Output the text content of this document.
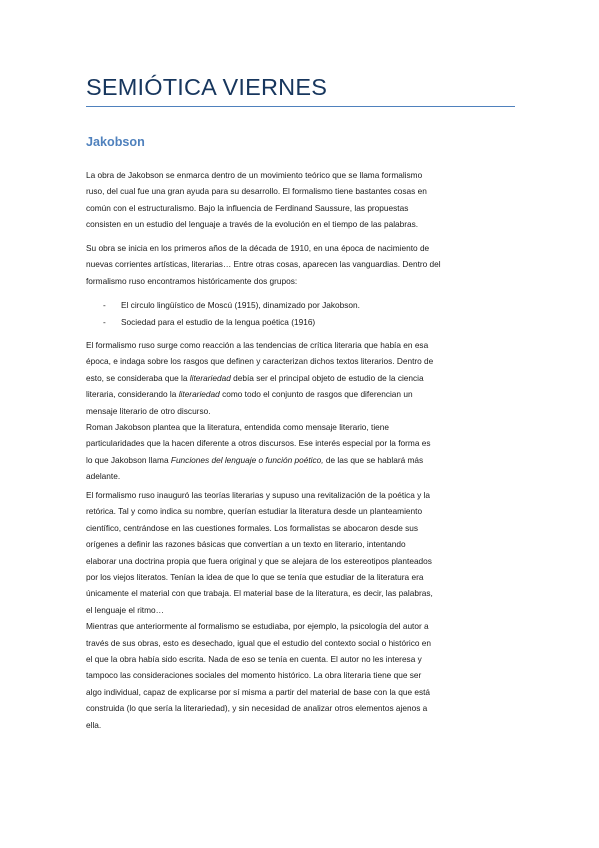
SEMIÓTICA VIERNES
Jakobson

La obra de Jakobson se enmarca dentro de un movimiento teórico que se llama formalismo
ruso, del cual fue una gran ayuda para su desarrollo. El formalismo tiene bastantes cosas en
común con el estructuralismo. Bajo la influencia de Ferdinand Saussure, las propuestas
consisten en un estudio del lenguaje a través de la evolución en el tiempo de las palabras.

Su obra se inicia en los primeros años de la década de 1910, en una época de nacimiento de
nuevas corrientes artísticas, literarias… Entre otras cosas, aparecen las vanguardias. Dentro del
formalismo ruso encontramos históricamente dos grupos:

- El circulo lingüístico de Moscú (1915), dinamizado por Jakobson.
- Sociedad para el estudio de la lengua poética (1916)

El formalismo ruso surge como reacción a las tendencias de crítica literaria que había en esa
época, e indaga sobre los rasgos que definen y caracterizan dichos textos literarios. Dentro de
esto, se consideraba que la literariedad debía ser el principal objeto de estudio de la ciencia
literaria, considerando la literariedad como todo el conjunto de rasgos que diferencian un
mensaje literario de otro discurso.
Roman Jakobson plantea que la literatura, entendida como mensaje literario, tiene
particularidades que la hacen diferente a otros discursos. Ese interés especial por la forma es
lo que Jakobson llama Funciones del lenguaje o función poético, de las que se hablará más
adelante.

El formalismo ruso inauguró las teorías literarias y supuso una revitalización de la poética y la
retórica. Tal y como indica su nombre, querían estudiar la literatura desde un planteamiento
científico, centrándose en las cuestiones formales. Los formalistas se abocaron desde sus
orígenes a definir las razones básicas que convertían a un texto en literario, intentando
elaborar una doctrina propia que fuera original y que se alejara de los estereotipos planteados
por los viejos literatos. Tenían la idea de que lo que se tenía que estudiar de la literatura era
únicamente el material con que trabaja. El material base de la literatura, es decir, las palabras,
el lenguaje el ritmo…
Mientras que anteriormente al formalismo se estudiaba, por ejemplo, la psicología del autor a
través de sus obras, esto es desechado, igual que el estudio del contexto social o histórico en
el que la obra había sido escrita. Nada de eso se tenía en cuenta. El autor no les interesa y
tampoco las consideraciones sociales del momento histórico. La obra literaria tiene que ser
algo individual, capaz de explicarse por sí misma a partir del material de base con la que está
construida (lo que sería la literariedad), y sin necesidad de analizar otros elementos ajenos a
ella.
